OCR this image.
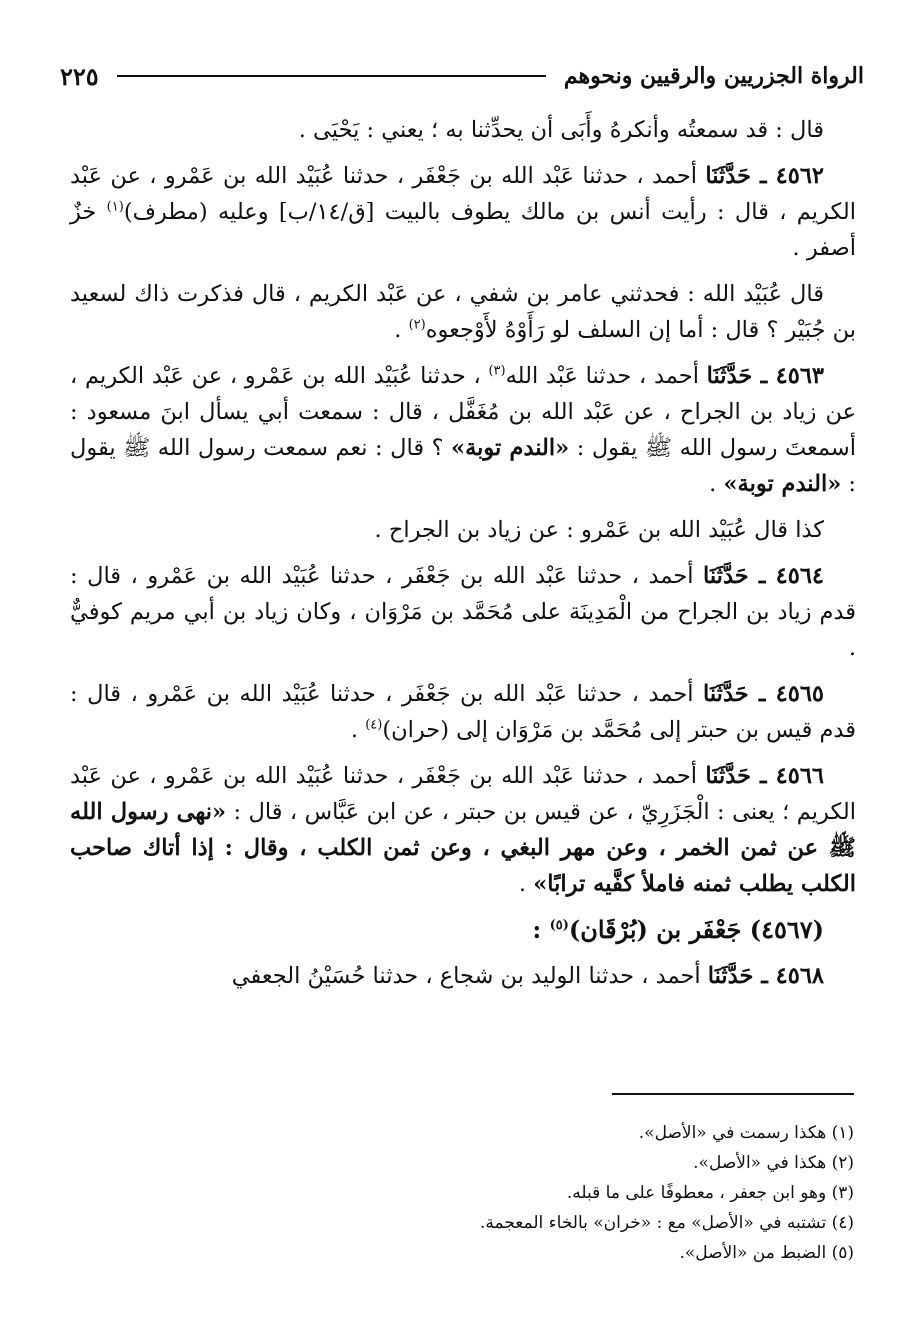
الرواة الجزريين والرقيين ونحوهم
٢٢٥

قال : قد سمعتُه وأنكرهُ وأَبَى أن يحدِّثنا به ؛ يعني : يَحْيَى .

٤٥٦٢ ـ حَدَّثَنَا أحمد ، حدثنا عَبْد الله بن جَعْفَر ، حدثنا عُبَيْد الله بن عَمْرو ، عن عَبْد الكريم ، قال : رأيت أنس بن مالك يطوف بالبيت [ق/١٤/ب] وعليه (مطرف)$^{(١)}$ خزٌ أصفر .

قال عُبَيْد الله : فحدثني عامر بن شفي ، عن عَبْد الكريم ، قال فذكرت ذاك لسعيد بن جُبَيْر ؟ قال : أما إن السلف لو رَأَوْهُ لأَوْجعوه$^{(٢)}$ .

٤٥٦٣ ـ حَدَّثَنَا أحمد ، حدثنا عَبْد الله$^{(٣)}$ ، حدثنا عُبَيْد الله بن عَمْرو ، عن عَبْد الكريم ، عن زياد بن الجراح ، عن عَبْد الله بن مُغَفَّل ، قال : سمعت أبي يسأل ابنَ مسعود : أسمعتَ رسول الله ﷺ يقول : «الندم توبة» ؟ قال : نعم سمعت رسول الله ﷺ يقول : «الندم توبة» .

كذا قال عُبَيْد الله بن عَمْرو : عن زياد بن الجراح .

٤٥٦٤ ـ حَدَّثَنَا أحمد ، حدثنا عَبْد الله بن جَعْفَر ، حدثنا عُبَيْد الله بن عَمْرو ، قال : قدم زياد بن الجراح من الْمَدِينَة على مُحَمَّد بن مَرْوَان ، وكان زياد بن أبي مريم كوفيٌّ .

٤٥٦٥ ـ حَدَّثَنَا أحمد ، حدثنا عَبْد الله بن جَعْفَر ، حدثنا عُبَيْد الله بن عَمْرو ، قال : قدم قيس بن حبتر إلى مُحَمَّد بن مَرْوَان إلى (حران)$^{(٤)}$ .

٤٥٦٦ ـ حَدَّثَنَا أحمد ، حدثنا عَبْد الله بن جَعْفَر ، حدثنا عُبَيْد الله بن عَمْرو ، عن عَبْد الكريم ؛ يعنى : الْجَزَرِيّ ، عن قيس بن حبتر ، عن ابن عَبَّاس ، قال : «نهى رسول الله ﷺ عن ثمن الخمر ، وعن مهر البغي ، وعن ثمن الكلب ، وقال : إذا أتاك صاحب الكلب يطلب ثمنه فاملأ كفَّيه ترابًا» .

(٤٥٦٧) جَعْفَر بن (بُرْقَان)$^{(٥)}$ :

٤٥٦٨ ـ حَدَّثَنَا أحمد ، حدثنا الوليد بن شجاع ، حدثنا حُسَيْنُ الجعفي

(١) هكذا رسمت في «الأصل».

(٢) هكذا في «الأصل».

(٣) وهو ابن جعفر ، معطوفًا على ما قبله.

(٤) تشتبه في «الأصل» مع : «خران» بالخاء المعجمة.

(٥) الضبط من «الأصل».
